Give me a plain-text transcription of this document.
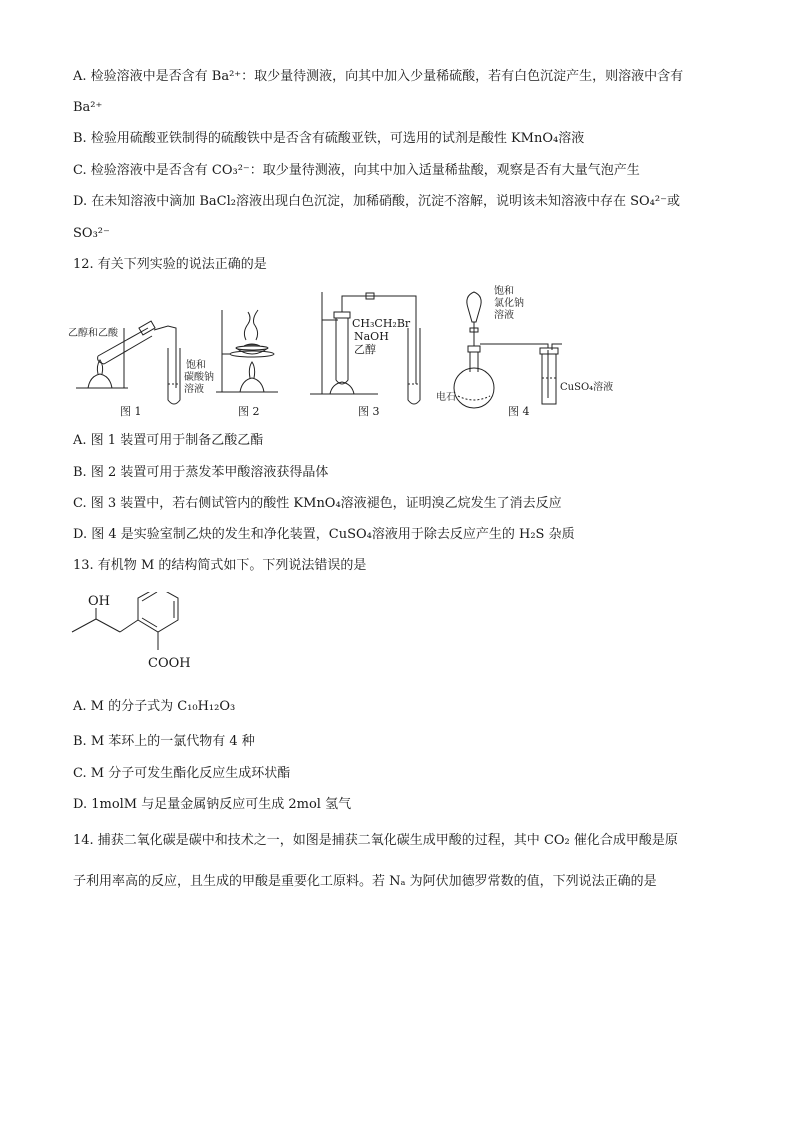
A. 检验溶液中是否含有 Ba²⁺：取少量待测液，向其中加入少量稀硫酸，若有白色沉淀产生，则溶液中含有
Ba²⁺
B. 检验用硫酸亚铁制得的硫酸铁中是否含有硫酸亚铁，可选用的试剂是酸性 KMnO₄溶液
C. 检验溶液中是否含有 CO₃²⁻：取少量待测液，向其中加入适量稀盐酸，观察是否有大量气泡产生
D. 在未知溶液中滴加 BaCl₂溶液出现白色沉淀，加稀硝酸，沉淀不溶解，说明该未知溶液中存在 SO₄²⁻或
SO₃²⁻
12. 有关下列实验的说法正确的是
乙醇和乙酸
饱和
碳酸钠
溶液
图 1	图 2
CH₃CH₂Br
NaOH
乙醇
图 3
饱和
氯化钠
溶液
电石
CuSO₄溶液
图 4
A. 图 1 装置可用于制备乙酸乙酯
B. 图 2 装置可用于蒸发苯甲酸溶液获得晶体
C. 图 3 装置中，若右侧试管内的酸性 KMnO₄溶液褪色，证明溴乙烷发生了消去反应
D. 图 4 是实验室制乙炔的发生和净化装置，CuSO₄溶液用于除去反应产生的 H₂S 杂质
13. 有机物 M 的结构简式如下。下列说法错误的是
OH
COOH
A. M 的分子式为 C₁₀H₁₂O₃
B. M 苯环上的一氯代物有 4 种
C. M 分子可发生酯化反应生成环状酯
D. 1molM 与足量金属钠反应可生成 2mol 氢气
14. 捕获二氧化碳是碳中和技术之一，如图是捕获二氧化碳生成甲酸的过程，其中 CO₂ 催化合成甲酸是原
子利用率高的反应，且生成的甲酸是重要化工原料。若 Nₐ 为阿伏加德罗常数的值，下列说法正确的是
